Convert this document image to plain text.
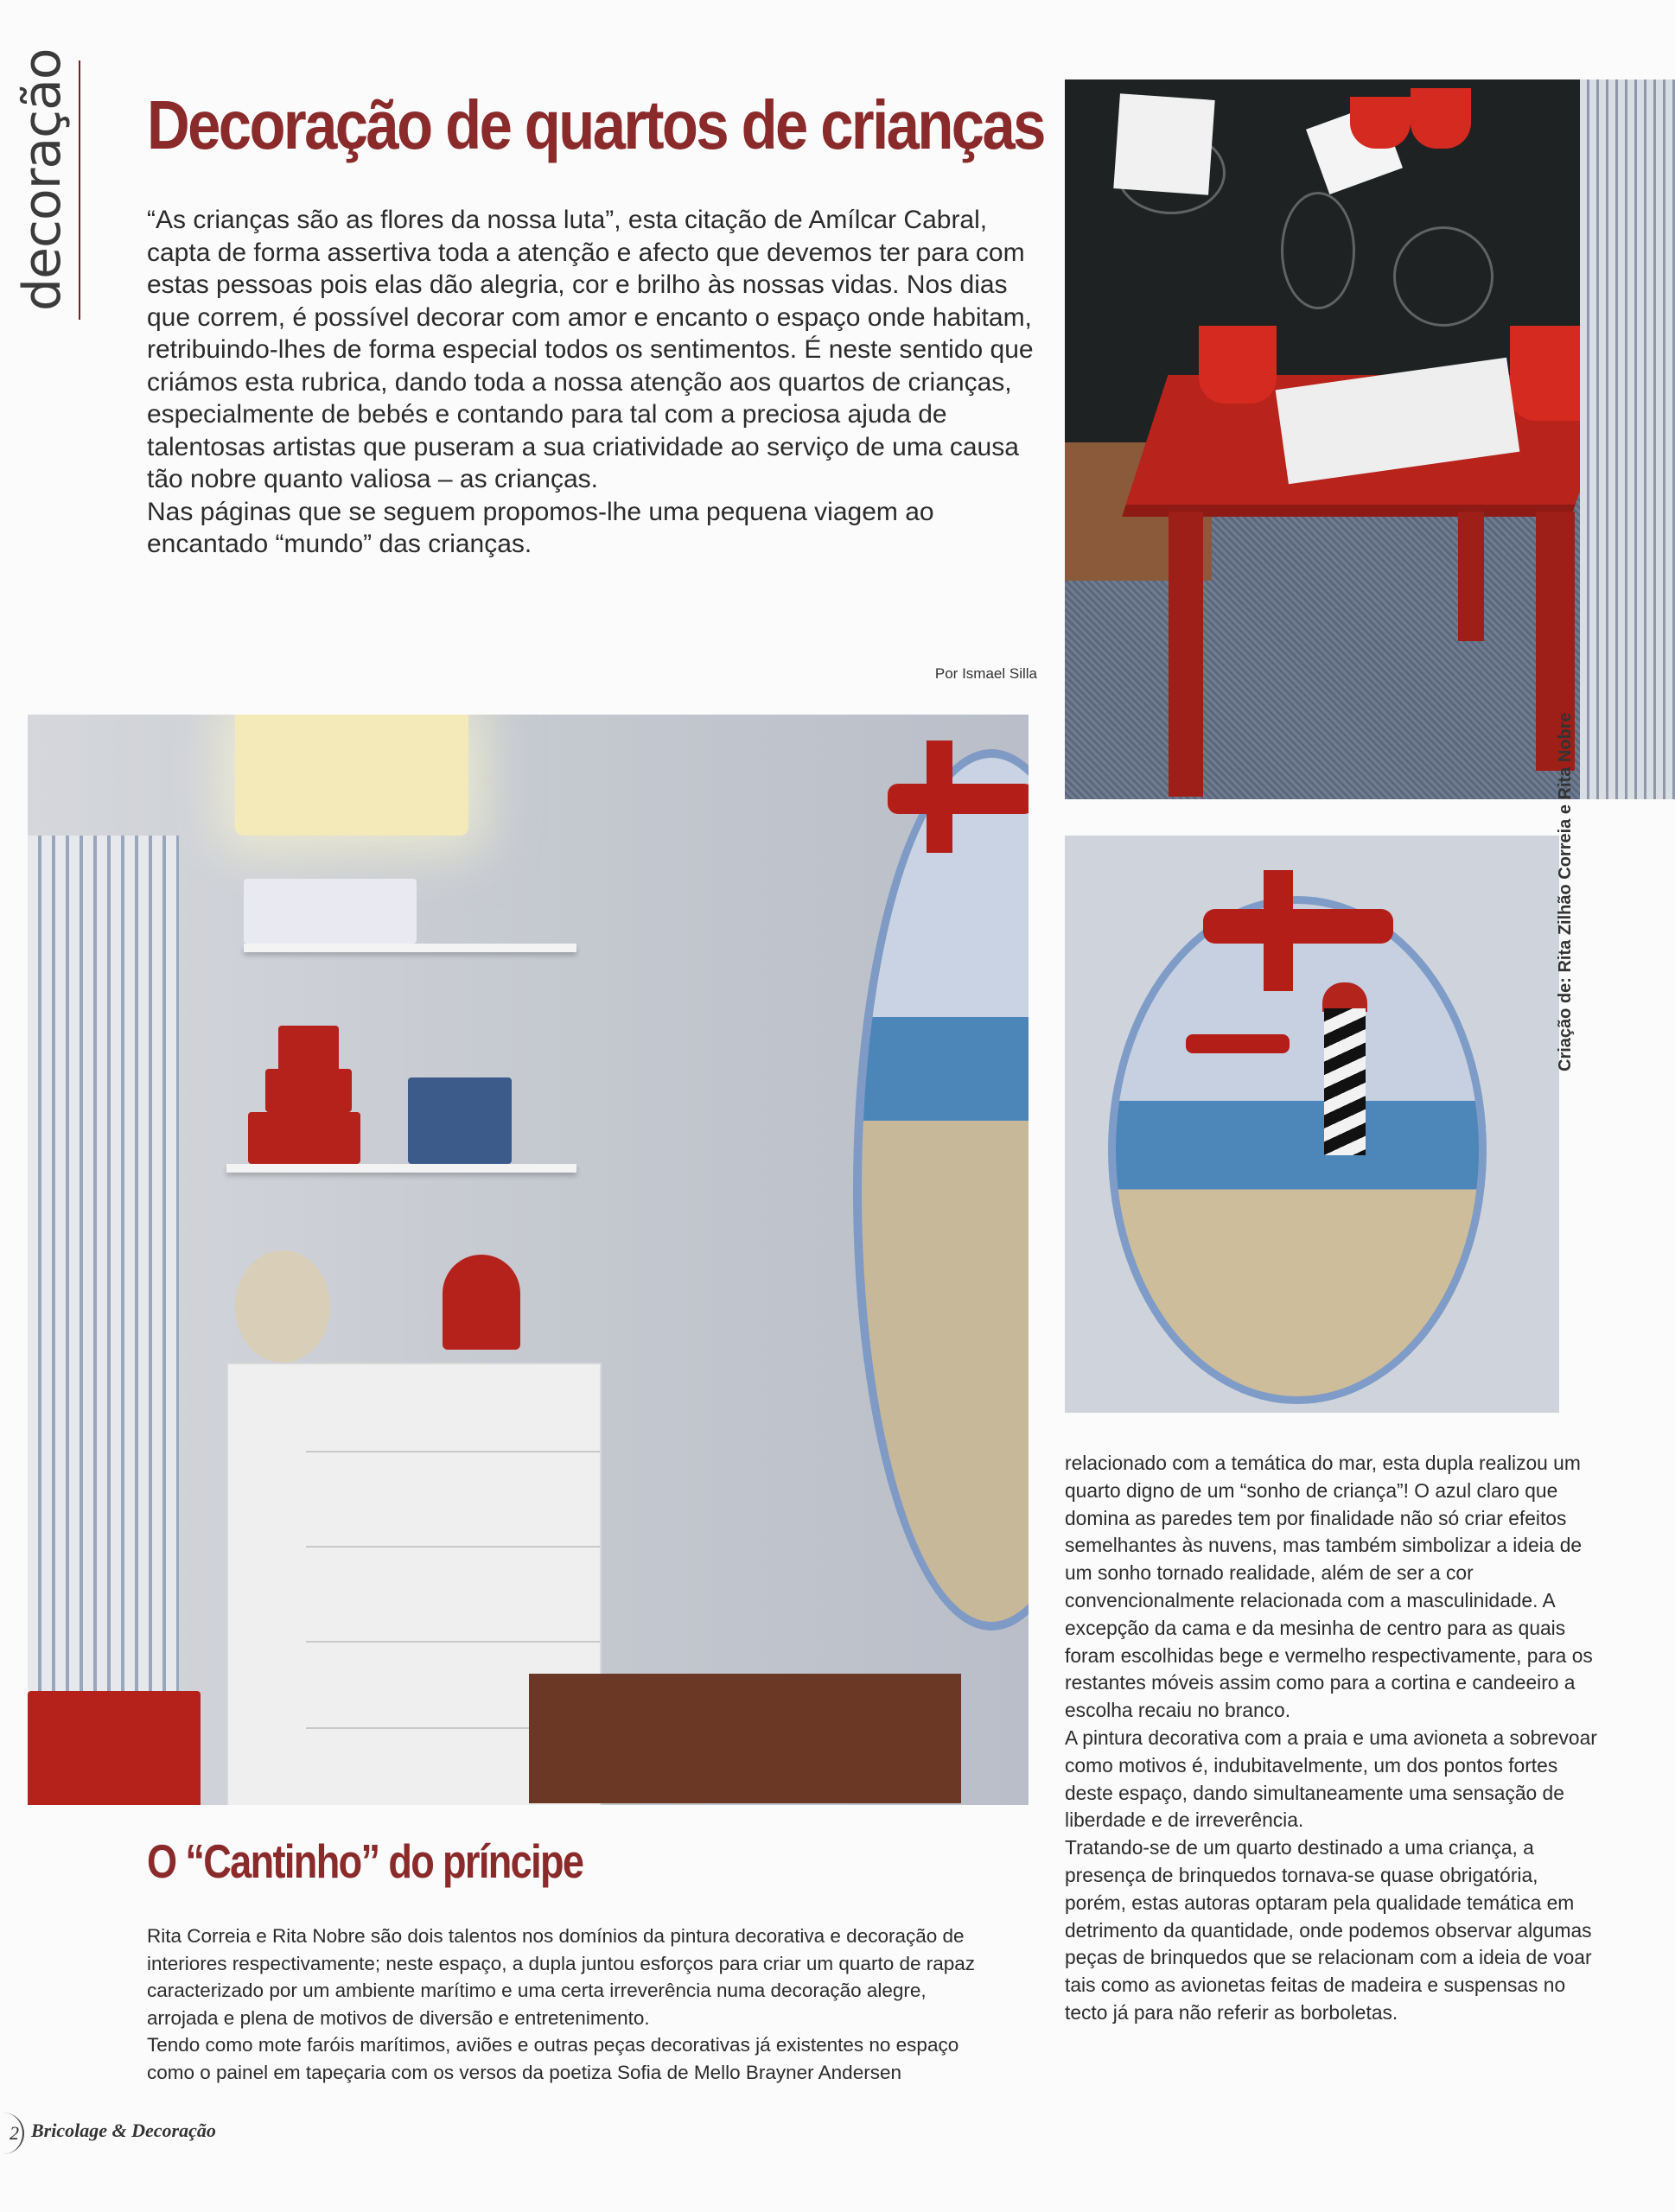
decoração Decoração de quartos de crianças

“As crianças são as flores da nossa luta”, esta citação de Amílcar Cabral, capta de forma assertiva toda a atenção e afecto que devemos ter para com estas pessoas pois elas dão alegria, cor e brilho às nossas vidas. Nos dias que correm, é possível decorar com amor e encanto o espaço onde habitam, retribuindo-lhes de forma especial todos os sentimentos. É neste sentido que criámos esta rubrica, dando toda a nossa atenção aos quartos de crianças, especialmente de bebés e contando para tal com a preciosa ajuda de talentosas artistas que puseram a sua criatividade ao serviço de uma causa tão nobre quanto valiosa – as crianças.

Nas páginas que se seguem propomos-lhe uma pequena viagem ao encantado “mundo” das crianças.

Por Ismael Silla
Criação de: Rita Zilhão Correia e Rita Nobre
O “Cantinho” do príncipe

Rita Correia e Rita Nobre são dois talentos nos domínios da pintura decorativa e decoração de interiores respectivamente; neste espaço, a dupla juntou esforços para criar um quarto de rapaz caracterizado por um ambiente marítimo e uma certa irreverência numa decoração alegre, arrojada e plena de motivos de diversão e entretenimento.

Tendo como mote faróis marítimos, aviões e outras peças decorativas já existentes no espaço como o painel em tapeçaria com os versos da poetiza Sofia de Mello Brayner Andersen

relacionado com a temática do mar, esta dupla realizou um quarto digno de um “sonho de criança”! O azul claro que domina as paredes tem por finalidade não só criar efeitos semelhantes às nuvens, mas também simbolizar a ideia de um sonho tornado realidade, além de ser a cor convencionalmente relacionada com a masculinidade. A excepção da cama e da mesinha de centro para as quais foram escolhidas bege e vermelho respectivamente, para os restantes móveis assim como para a cortina e candeeiro a escolha recaiu no branco.

A pintura decorativa com a praia e uma avioneta a sobrevoar como motivos é, indubitavelmente, um dos pontos fortes deste espaço, dando simultaneamente uma sensação de liberdade e de irreverência.

Tratando-se de um quarto destinado a uma criança, a presença de brinquedos tornava-se quase obrigatória, porém, estas autoras optaram pela qualidade temática em detrimento da quantidade, onde podemos observar algumas peças de brinquedos que se relacionam com a ideia de voar tais como as avionetas feitas de madeira e suspensas no tecto já para não referir as borboletas.

2 Bricolage & Decoração
